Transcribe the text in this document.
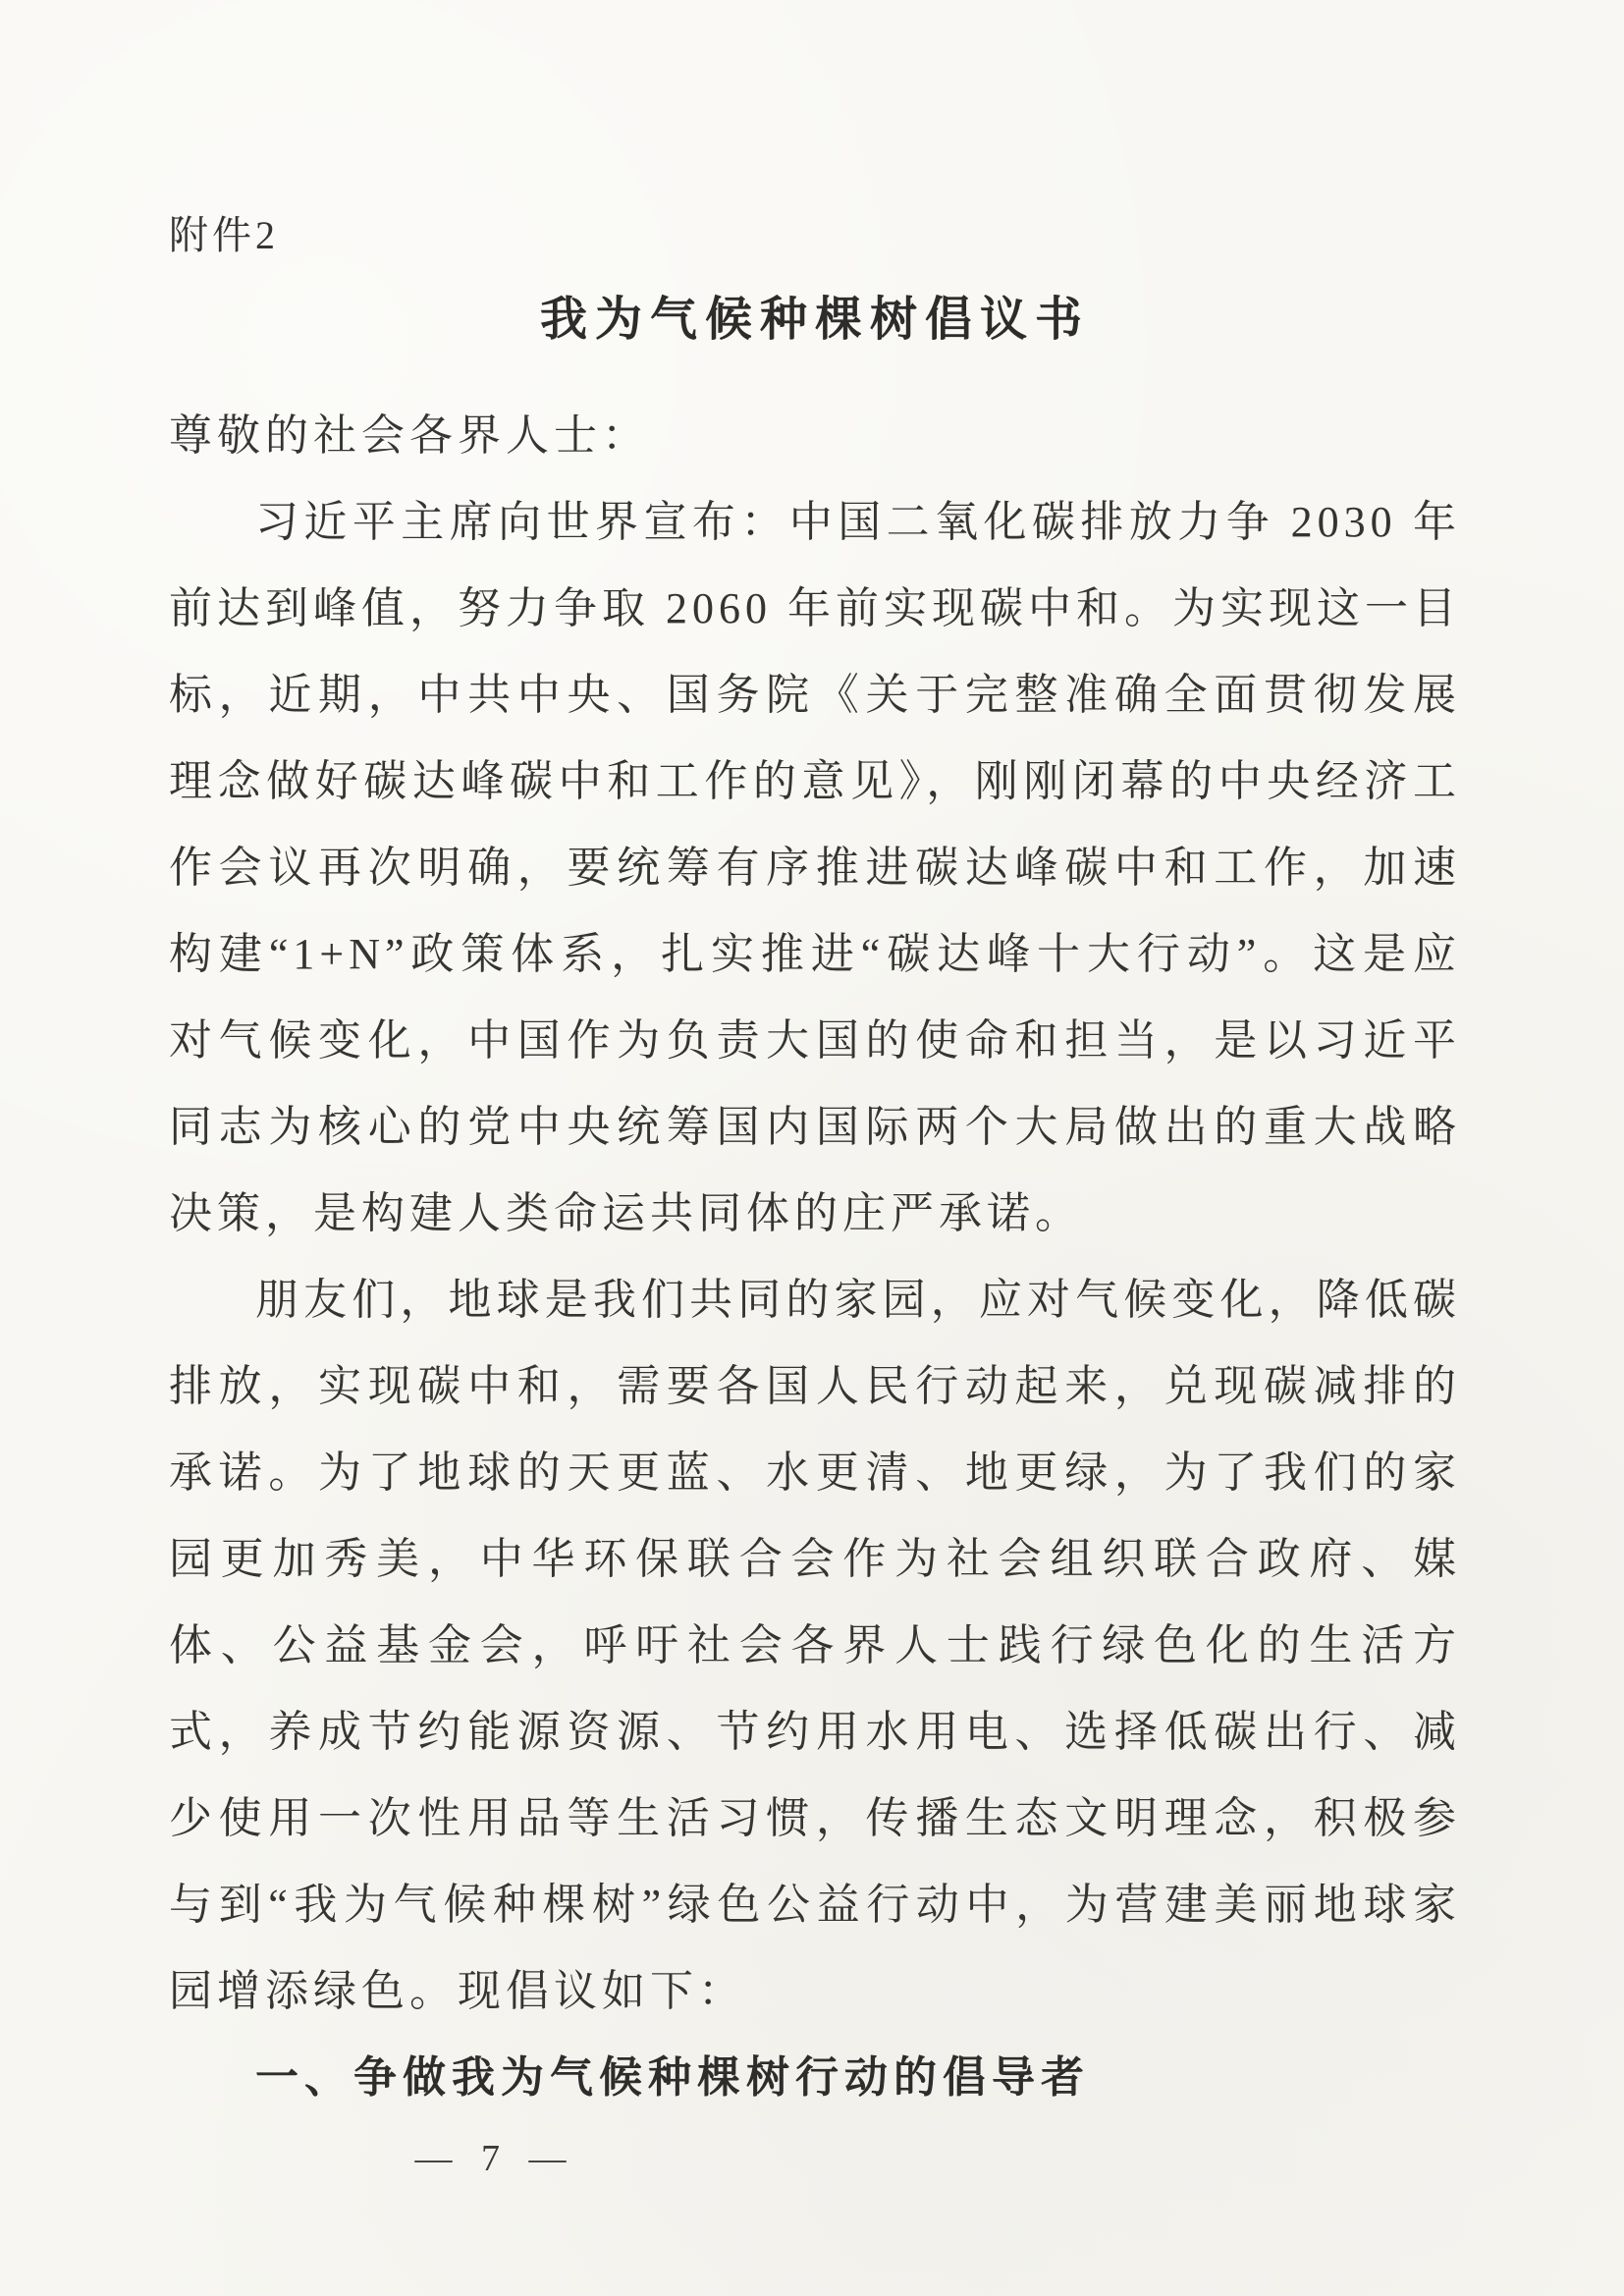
附件2
我为气候种棵树倡议书

尊敬的社会各界人士：

习近平主席向世界宣布：中国二氧化碳排放力争 2030 年前达到峰值，努力争取 2060 年前实现碳中和。为实现这一目标，近期，中共中央、国务院《关于完整准确全面贯彻发展理念做好碳达峰碳中和工作的意见》，刚刚闭幕的中央经济工作会议再次明确，要统筹有序推进碳达峰碳中和工作，加速构建“1+N”政策体系，扎实推进“碳达峰十大行动”。这是应对气候变化，中国作为负责大国的使命和担当，是以习近平同志为核心的党中央统筹国内国际两个大局做出的重大战略决策，是构建人类命运共同体的庄严承诺。

朋友们，地球是我们共同的家园，应对气候变化，降低碳排放，实现碳中和，需要各国人民行动起来，兑现碳减排的承诺。为了地球的天更蓝、水更清、地更绿，为了我们的家园更加秀美，中华环保联合会作为社会组织联合政府、媒体、公益基金会，呼吁社会各界人士践行绿色化的生活方式，养成节约能源资源、节约用水用电、选择低碳出行、减少使用一次性用品等生活习惯，传播生态文明理念，积极参与到“我为气候种棵树”绿色公益行动中，为营建美丽地球家园增添绿色。现倡议如下：

一、争做我为气候种棵树行动的倡导者

— 7 —
